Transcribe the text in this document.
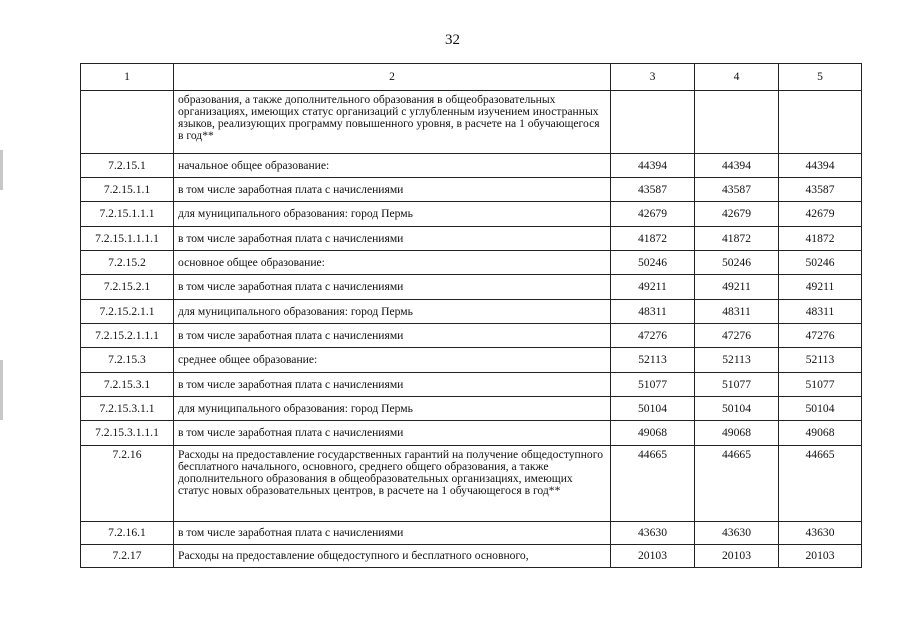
32
1	2	3	4	5
	образования, а также дополнительного образования в общеобразовательных организациях, имеющих статус организаций с углубленным изучением иностранных языков, реализующих программу повышенного уровня, в расчете на 1 обучающегося в год**			
7.2.15.1	начальное общее образование:	44394	44394	44394
7.2.15.1.1	в том числе заработная плата с начислениями	43587	43587	43587
7.2.15.1.1.1	для муниципального образования: город Пермь	42679	42679	42679
7.2.15.1.1.1.1	в том числе заработная плата с начислениями	41872	41872	41872
7.2.15.2	основное общее образование:	50246	50246	50246
7.2.15.2.1	в том числе заработная плата с начислениями	49211	49211	49211
7.2.15.2.1.1	для муниципального образования: город Пермь	48311	48311	48311
7.2.15.2.1.1.1	в том числе заработная плата с начислениями	47276	47276	47276
7.2.15.3	среднее общее образование:	52113	52113	52113
7.2.15.3.1	в том числе заработная плата с начислениями	51077	51077	51077
7.2.15.3.1.1	для муниципального образования: город Пермь	50104	50104	50104
7.2.15.3.1.1.1	в том числе заработная плата с начислениями	49068	49068	49068
7.2.16	Расходы на предоставление государственных гарантий на получение общедоступного бесплатного начального, основного, среднего общего образования, а также дополнительного образования в общеобразовательных организациях, имеющих статус новых образовательных центров, в расчете на 1 обучающегося в год**	44665	44665	44665
7.2.16.1	в том числе заработная плата с начислениями	43630	43630	43630
7.2.17	Расходы на предоставление общедоступного и бесплатного основного,	20103	20103	20103
